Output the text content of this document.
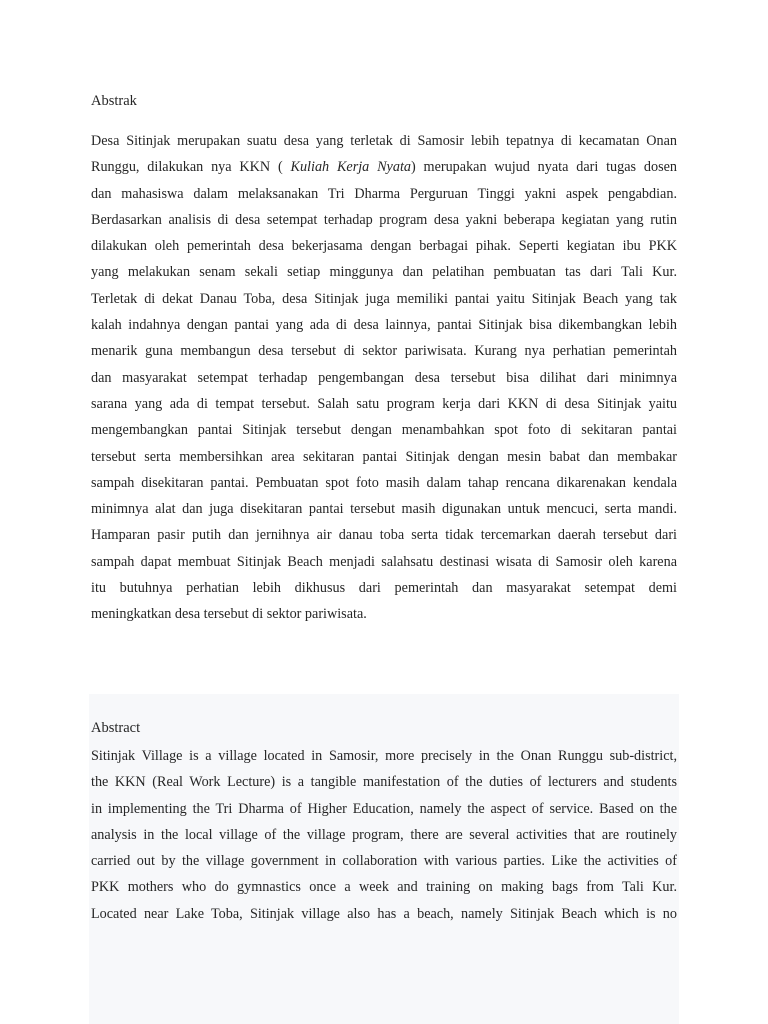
Abstrak
Desa Sitinjak merupakan suatu desa yang terletak di Samosir lebih tepatnya di kecamatan Onan
Runggu, dilakukan nya KKN ( Kuliah Kerja Nyata) merupakan wujud nyata dari tugas dosen
dan mahasiswa dalam melaksanakan Tri Dharma Perguruan Tinggi yakni aspek pengabdian.
Berdasarkan analisis di desa setempat terhadap program desa yakni beberapa kegiatan yang rutin
dilakukan oleh pemerintah desa bekerjasama dengan berbagai pihak. Seperti kegiatan ibu PKK
yang melakukan senam sekali setiap minggunya dan pelatihan pembuatan tas dari Tali Kur.
Terletak di dekat Danau Toba, desa Sitinjak juga memiliki pantai yaitu Sitinjak Beach yang tak
kalah indahnya dengan pantai yang ada di desa lainnya, pantai Sitinjak bisa dikembangkan lebih
menarik guna membangun desa tersebut di sektor pariwisata. Kurang nya perhatian pemerintah
dan masyarakat setempat terhadap pengembangan desa tersebut bisa dilihat dari minimnya
sarana yang ada di tempat tersebut. Salah satu program kerja dari KKN di desa Sitinjak yaitu
mengembangkan pantai Sitinjak tersebut dengan menambahkan spot foto di sekitaran pantai
tersebut serta membersihkan area sekitaran pantai Sitinjak dengan mesin babat dan membakar
sampah disekitaran pantai. Pembuatan spot foto masih dalam tahap rencana dikarenakan kendala
minimnya alat dan juga disekitaran pantai tersebut masih digunakan untuk mencuci, serta mandi.
Hamparan pasir putih dan jernihnya air danau toba serta tidak tercemarkan daerah tersebut dari
sampah dapat membuat Sitinjak Beach menjadi salahsatu destinasi wisata di Samosir oleh karena
itu butuhnya perhatian lebih dikhusus dari pemerintah dan masyarakat setempat demi
meningkatkan desa tersebut di sektor pariwisata.
Abstract
Sitinjak Village is a village located in Samosir, more precisely in the Onan Runggu sub-district,
the KKN (Real Work Lecture) is a tangible manifestation of the duties of lecturers and students
in implementing the Tri Dharma of Higher Education, namely the aspect of service. Based on the
analysis in the local village of the village program, there are several activities that are routinely
carried out by the village government in collaboration with various parties. Like the activities of
PKK mothers who do gymnastics once a week and training on making bags from Tali Kur.
Located near Lake Toba, Sitinjak village also has a beach, namely Sitinjak Beach which is no
